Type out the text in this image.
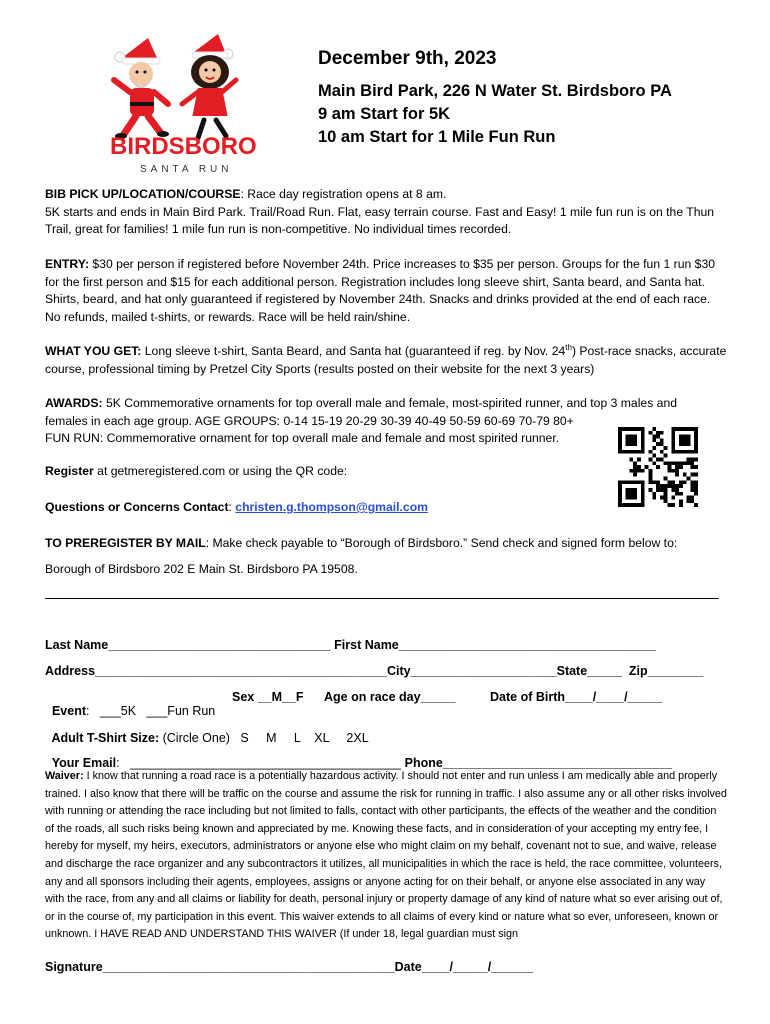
BIRDSBORO
SANTA RUN
December 9th, 2023
Main Bird Park, 226 N Water St. Birdsboro PA
9 am Start for 5K
10 am Start for 1 Mile Fun Run
BIB PICK UP/LOCATION/COURSE: Race day registration opens at 8 am.
5K starts and ends in Main Bird Park. Trail/Road Run. Flat, easy terrain course. Fast and Easy! 1 mile fun run is on the Thun Trail, great for families! 1 mile fun run is non-competitive. No individual times recorded.
ENTRY: $30 per person if registered before November 24th. Price increases to $35 per person. Groups for the fun 1 run $30 for the first person and $15 for each additional person. Registration includes long sleeve shirt, Santa beard, and Santa hat. Shirts, beard, and hat only guaranteed if registered by November 24th. Snacks and drinks provided at the end of each race. No refunds, mailed t-shirts, or rewards. Race will be held rain/shine.
WHAT YOU GET: Long sleeve t-shirt, Santa Beard, and Santa hat (guaranteed if reg. by Nov. 24th) Post-race snacks, accurate course, professional timing by Pretzel City Sports (results posted on their website for the next 3 years)
AWARDS: 5K Commemorative ornaments for top overall male and female, most-spirited runner, and top 3 males and females in each age group. AGE GROUPS: 0-14 15-19 20-29 30-39 40-49 50-59 60-69 70-79 80+
FUN RUN: Commemorative ornament for top overall male and female and most spirited runner.
Register at getmeregistered.com or using the QR code:
Questions or Concerns Contact: christen.g.thompson@gmail.com
TO PREREGISTER BY MAIL: Make check payable to “Borough of Birdsboro.” Send check and signed form below to:
Borough of Birdsboro 202 E Main St. Birdsboro PA 19508.
Last Name________________________________ First Name_____________________________________
Address__________________________________________City_____________________State_____  Zip________

Event:   ___5K   ___Fun Run

Sex __M__F Age on race day_____	Date of Birth____/____/_____

Adult T-Shirt Size: (Circle One)   S     M     L    XL     2XL

Your Email:   _______________________________________ Phone_________________________________

Waiver: I know that running a road race is a potentially hazardous activity. I should not enter and run unless I am medically able and properly trained. I also know that there will be traffic on the course and assume the risk for running in traffic. I also assume any or all other risks involved with running or attending the race including but not limited to falls, contact with other participants, the effects of the weather and the condition of the roads, all such risks being known and appreciated by me. Knowing these facts, and in consideration of your accepting my entry fee, I hereby for myself, my heirs, executors, administrators or anyone else who might claim on my behalf, covenant not to sue, and waive, release and discharge the race organizer and any subcontractors it utilizes, all municipalities in which the race is held, the race committee, volunteers, any and all sponsors including their agents, employees, assigns or anyone acting for on their behalf, or anyone else associated in any way with the race, from any and all claims or liability for death, personal injury or property damage of any kind of nature what so ever arising out of, or in the course of, my participation in this event. This waiver extends to all claims of every kind or nature what so ever, unforeseen, known or unknown. I HAVE READ AND UNDERSTAND THIS WAIVER (If under 18, legal guardian must sign
Signature__________________________________________Date____/_____/______
